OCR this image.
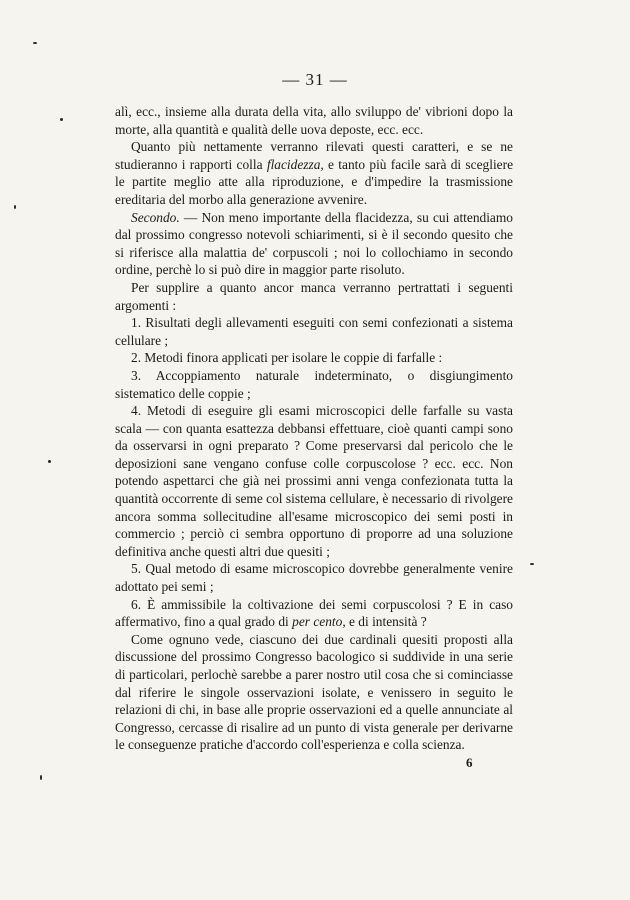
— 31 —

alì, ecc., insieme alla durata della vita, allo sviluppo de' vibrioni dopo la morte, alla quantità e qualità delle uova deposte, ecc. ecc.

Quanto più nettamente verranno rilevati questi caratteri, e se ne studieranno i rapporti colla flacidezza, e tanto più facile sarà di scegliere le partite meglio atte alla riproduzione, e d'impedire la trasmissione ereditaria del morbo alla generazione avvenire.

Secondo. — Non meno importante della flacidezza, su cui attendiamo dal prossimo congresso notevoli schiarimenti, si è il secondo quesito che si riferisce alla malattia de' corpuscoli ; noi lo collochiamo in secondo ordine, perchè lo si può dire in maggior parte risoluto.

Per supplire a quanto ancor manca verranno pertrattati i seguenti argomenti :

1. Risultati degli allevamenti eseguiti con semi confezionati a sistema cellulare ;

2. Metodi finora applicati per isolare le coppie di farfalle :

3. Accoppiamento naturale indeterminato, o disgiungimento sistematico delle coppie ;

4. Metodi di eseguire gli esami microscopici delle farfalle su vasta scala — con quanta esattezza debbansi effettuare, cioè quanti campi sono da osservarsi in ogni preparato ? Come preservarsi dal pericolo che le deposizioni sane vengano confuse colle corpuscolose ? ecc. ecc. Non potendo aspettarci che già nei prossimi anni venga confezionata tutta la quantità occorrente di seme col sistema cellulare, è necessario di rivolgere ancora somma sollecitudine all'esame microscopico dei semi posti in commercio ; perciò ci sembra opportuno di proporre ad una soluzione definitiva anche questi altri due quesiti ;

5. Qual metodo di esame microscopico dovrebbe generalmente venire adottato pei semi ;

6. È ammissibile la coltivazione dei semi corpuscolosi ? E in caso affermativo, fino a qual grado di per cento, e di intensità ?

Come ognuno vede, ciascuno dei due cardinali quesiti proposti alla discussione del prossimo Congresso bacologico si suddivide in una serie di particolari, perlochè sarebbe a parer nostro util cosa che si cominciasse dal riferire le singole osservazioni isolate, e venissero in seguito le relazioni di chi, in base alle proprie osservazioni ed a quelle annunciate al Congresso, cercasse di risalire ad un punto di vista generale per derivarne le conseguenze pratiche d'accordo coll'esperienza e colla scienza.

6
